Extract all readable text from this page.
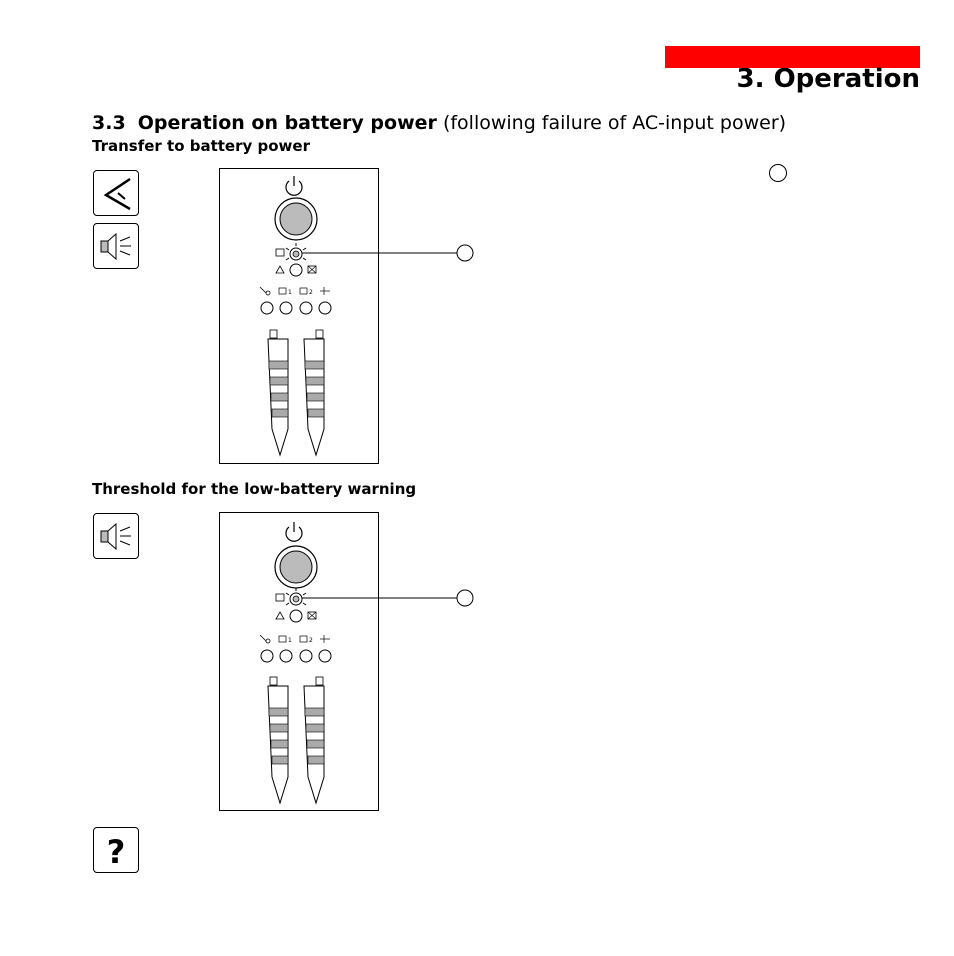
3. Operation
3.3 Operation on battery power (following failure of AC-input power)
Transfer to battery power
Threshold for the low-battery warning
?
1	2
1	2
